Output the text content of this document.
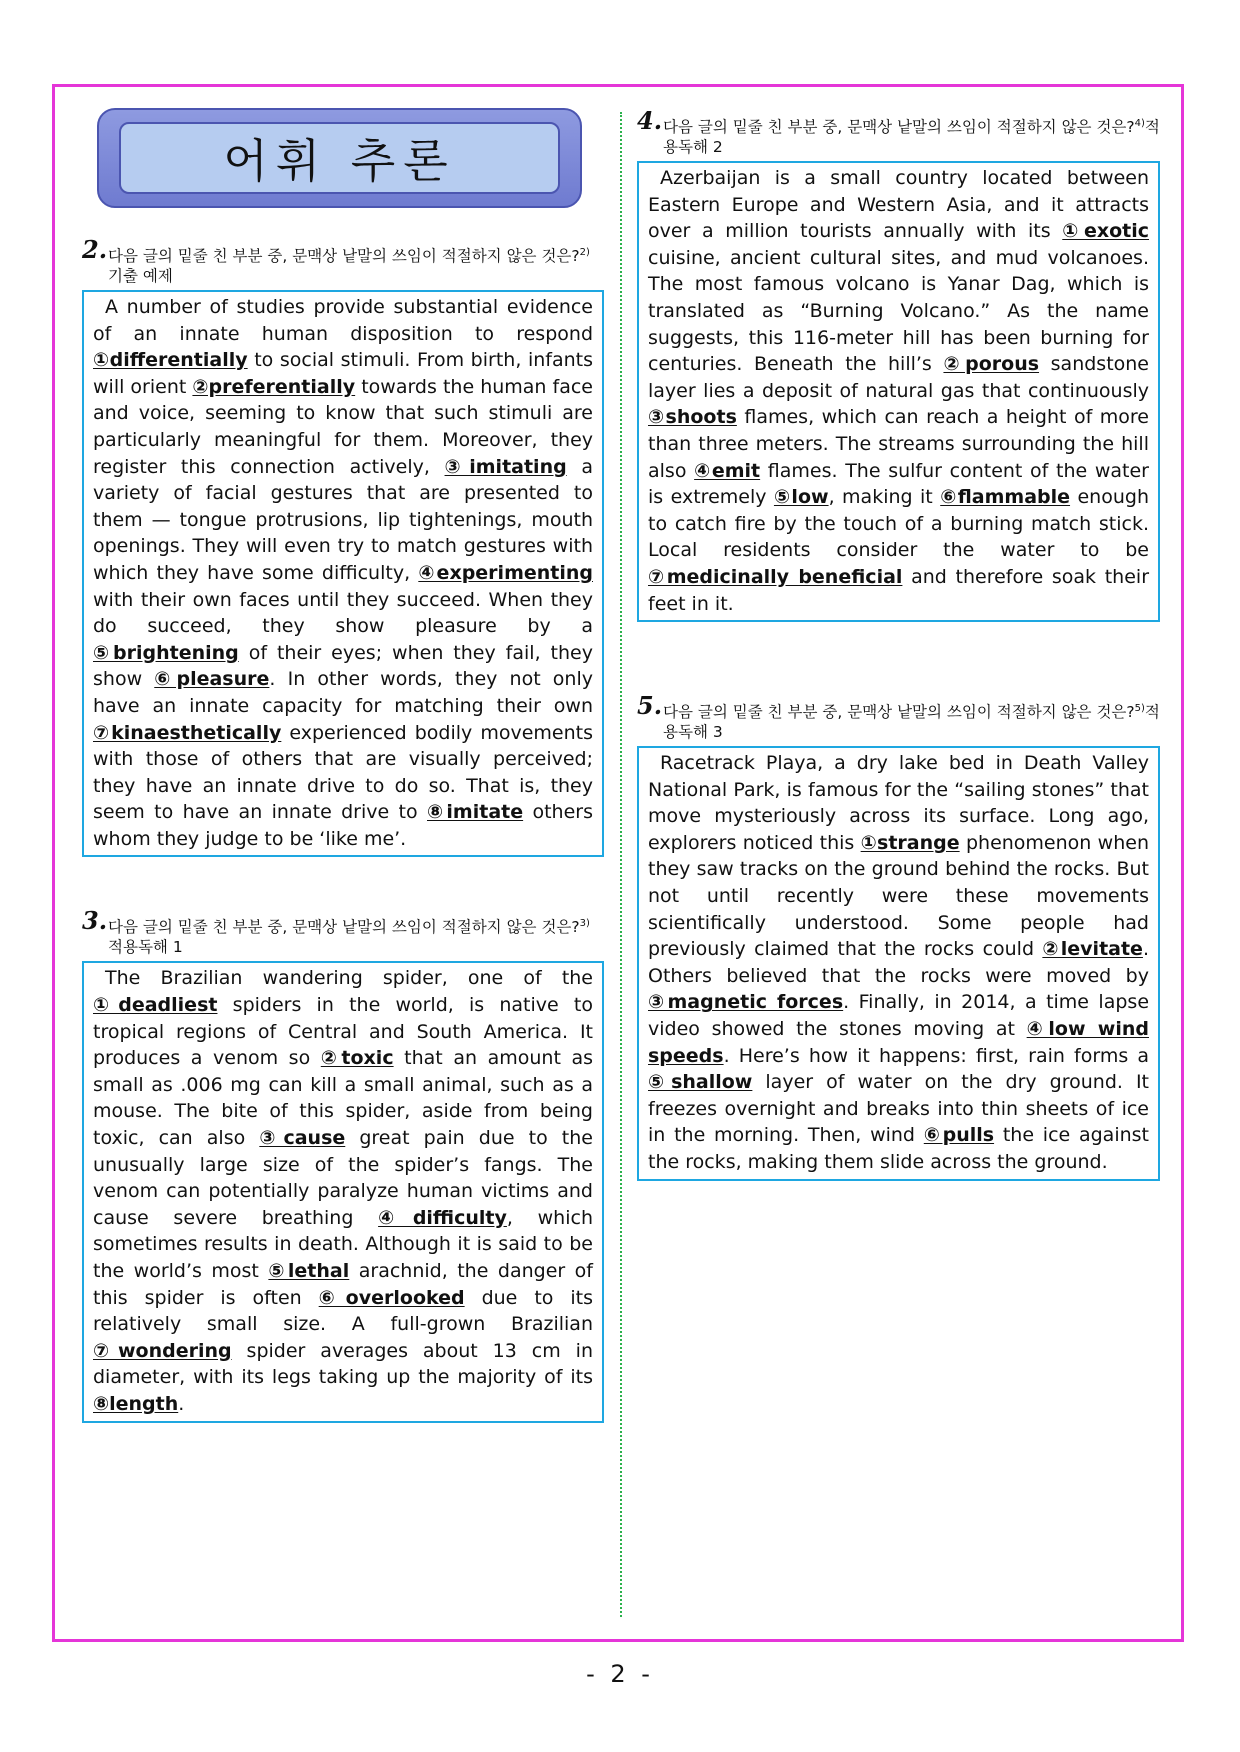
어휘 추론
2. 다음 글의 밑줄 친 부분 중, 문맥상 낱말의 쓰임이 적절하지 않은 것은?$^{2)}$기출 예제
A number of studies provide substantial evidence of an innate human disposition to respond ①differentially to social stimuli. From birth, infants will orient ②preferentially towards the human face and voice, seeming to know that such stimuli are particularly meaningful for them. Moreover, they register this connection actively, ③imitating a variety of facial gestures that are presented to them — tongue protrusions, lip tightenings, mouth openings. They will even try to match gestures with which they have some difficulty, ④experimenting with their own faces until they succeed. When they do succeed, they show pleasure by a ⑤brightening of their eyes; when they fail, they show ⑥pleasure. In other words, they not only have an innate capacity for matching their own ⑦kinaesthetically experienced bodily movements with those of others that are visually perceived; they have an innate drive to do so. That is, they seem to have an innate drive to ⑧imitate others whom they judge to be ‘like me’.
3. 다음 글의 밑줄 친 부분 중, 문맥상 낱말의 쓰임이 적절하지 않은 것은?$^{3)}$적용독해 1
The Brazilian wandering spider, one of the ①deadliest spiders in the world, is native to tropical regions of Central and South America. It produces a venom so ②toxic that an amount as small as .006 mg can kill a small animal, such as a mouse. The bite of this spider, aside from being toxic, can also ③cause great pain due to the unusually large size of the spider’s fangs. The venom can potentially paralyze human victims and cause severe breathing ④difficulty, which sometimes results in death. Although it is said to be the world’s most ⑤lethal arachnid, the danger of this spider is often ⑥overlooked due to its relatively small size. A full-grown Brazilian ⑦wondering spider averages about 13 cm in diameter, with its legs taking up the majority of its ⑧length.
4. 다음 글의 밑줄 친 부분 중, 문맥상 낱말의 쓰임이 적절하지 않은 것은?$^{4)}$적용독해 2
Azerbaijan is a small country located between Eastern Europe and Western Asia, and it attracts over a million tourists annually with its ①exotic cuisine, ancient cultural sites, and mud volcanoes. The most famous volcano is Yanar Dag, which is translated as “Burning Volcano.” As the name suggests, this 116-meter hill has been burning for centuries. Beneath the hill’s ②porous sandstone layer lies a deposit of natural gas that continuously ③shoots flames, which can reach a height of more than three meters. The streams surrounding the hill also ④emit flames. The sulfur content of the water is extremely ⑤low, making it ⑥flammable enough to catch fire by the touch of a burning match stick. Local residents consider the water to be ⑦medicinally beneficial and therefore soak their feet in it.
5. 다음 글의 밑줄 친 부분 중, 문맥상 낱말의 쓰임이 적절하지 않은 것은?$^{5)}$적용독해 3
Racetrack Playa, a dry lake bed in Death Valley National Park, is famous for the “sailing stones” that move mysteriously across its surface. Long ago, explorers noticed this ①strange phenomenon when they saw tracks on the ground behind the rocks. But not until recently were these movements scientifically understood. Some people had previously claimed that the rocks could ②levitate. Others believed that the rocks were moved by ③magnetic forces. Finally, in 2014, a time lapse video showed the stones moving at ④low wind speeds. Here’s how it happens: first, rain forms a ⑤shallow layer of water on the dry ground. It freezes overnight and breaks into thin sheets of ice in the morning. Then, wind ⑥pulls the ice against the rocks, making them slide across the ground.
- 2 -
